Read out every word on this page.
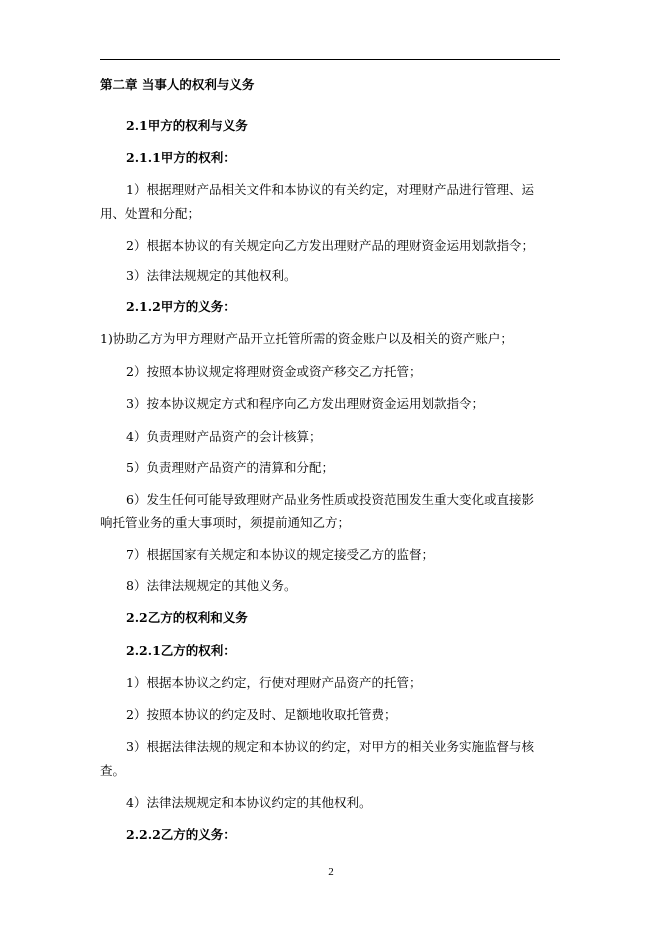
第二章 当事人的权利与义务
2.1甲方的权利与义务
2.1.1甲方的权利：
1）根据理财产品相关文件和本协议的有关约定，对理财产品进行管理、运
用、处置和分配；
2）根据本协议的有关规定向乙方发出理财产品的理财资金运用划款指令；
3）法律法规规定的其他权利。
2.1.2甲方的义务：
1)协助乙方为甲方理财产品开立托管所需的资金账户以及相关的资产账户；
2）按照本协议规定将理财资金或资产移交乙方托管；
3）按本协议规定方式和程序向乙方发出理财资金运用划款指令；
4）负责理财产品资产的会计核算；
5）负责理财产品资产的清算和分配；
6）发生任何可能导致理财产品业务性质或投资范围发生重大变化或直接影
响托管业务的重大事项时，须提前通知乙方；
7）根据国家有关规定和本协议的规定接受乙方的监督；
8）法律法规规定的其他义务。
2.2乙方的权利和义务
2.2.1乙方的权利：
1）根据本协议之约定，行使对理财产品资产的托管；
2）按照本协议的约定及时、足额地收取托管费；
3）根据法律法规的规定和本协议的约定，对甲方的相关业务实施监督与核
查。
4）法律法规规定和本协议约定的其他权利。
2.2.2乙方的义务：
2
